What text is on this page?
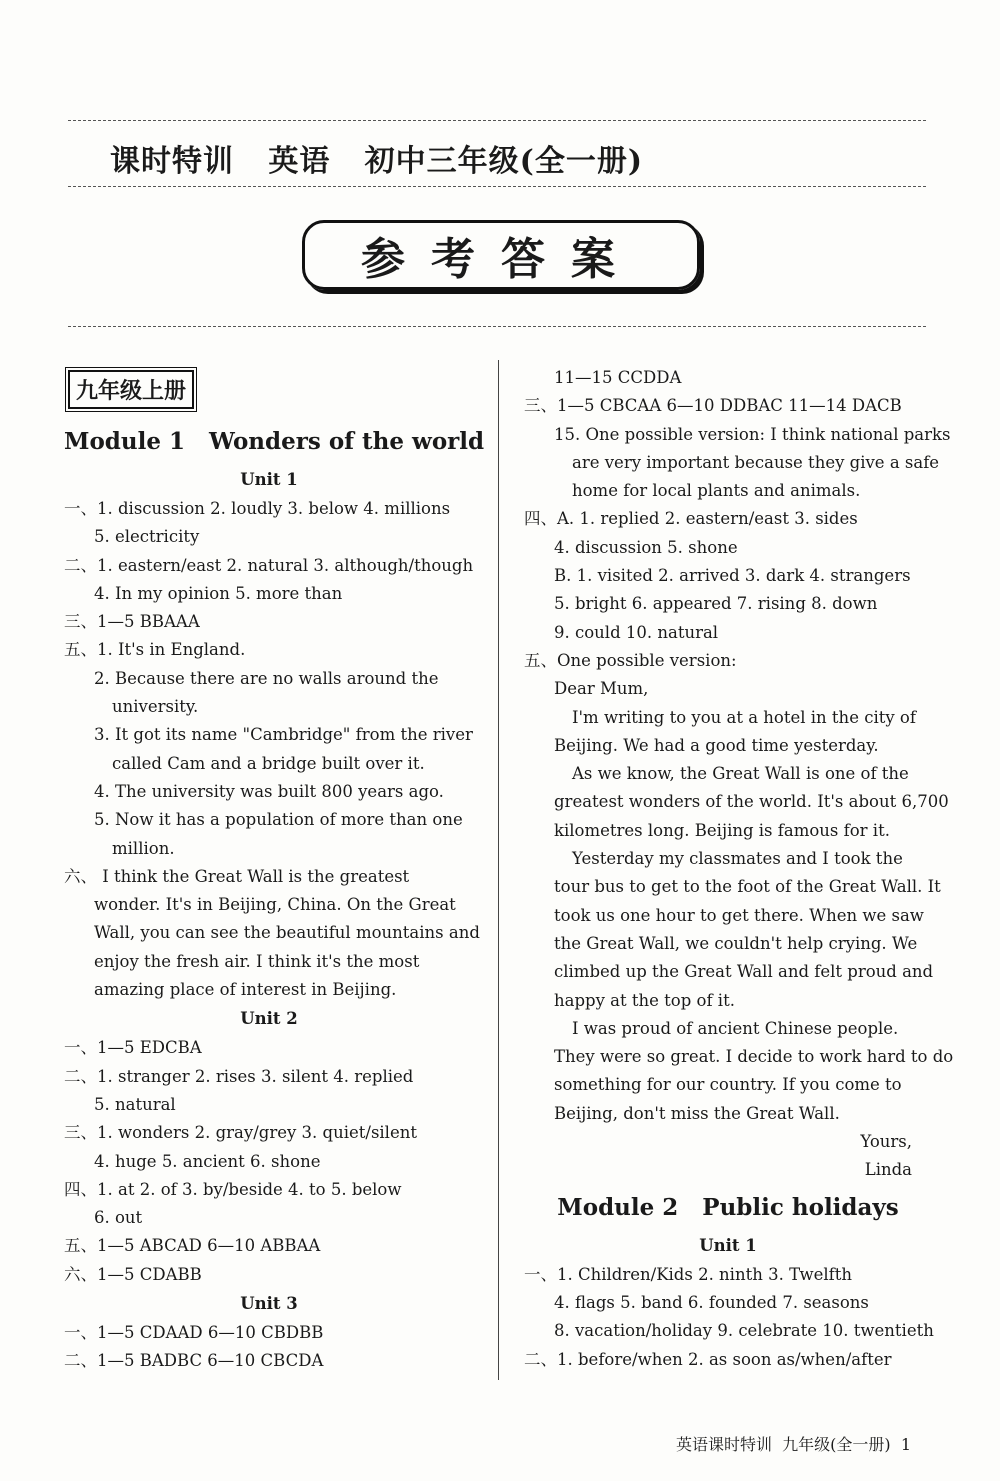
课时特训   英语   初中三年级(全一册)
参考答案
九年级上册
Module 1   Wonders of the world
Unit 1
一、1. discussion 2. loudly 3. below 4. millions
5. electricity
二、1. eastern/east 2. natural 3. although/though
4. In my opinion 5. more than
三、1—5 BBAAA
五、1. It's in England.
2. Because there are no walls around the
university.
3. It got its name "Cambridge" from the river
called Cam and a bridge built over it.
4. The university was built 800 years ago.
5. Now it has a population of more than one
million.
六、 I think the Great Wall is the greatest
wonder. It's in Beijing, China. On the Great
Wall, you can see the beautiful mountains and
enjoy the fresh air. I think it's the most
amazing place of interest in Beijing.
Unit 2
一、1—5 EDCBA
二、1. stranger 2. rises 3. silent 4. replied
5. natural
三、1. wonders 2. gray/grey 3. quiet/silent
4. huge 5. ancient 6. shone
四、1. at 2. of 3. by/beside 4. to 5. below
6. out
五、1—5 ABCAD 6—10 ABBAA
六、1—5 CDABB
Unit 3
一、1—5 CDAAD 6—10 CBDBB
二、1—5 BADBC 6—10 CBCDA
11—15 CCDDA
三、1—5 CBCAA 6—10 DDBAC 11—14 DACB
15. One possible version: I think national parks
are very important because they give a safe
home for local plants and animals.
四、A. 1. replied 2. eastern/east 3. sides
4. discussion 5. shone
B. 1. visited 2. arrived 3. dark 4. strangers
5. bright 6. appeared 7. rising 8. down
9. could 10. natural
五、One possible version:
Dear Mum,
I'm writing to you at a hotel in the city of
Beijing. We had a good time yesterday.
As we know, the Great Wall is one of the
greatest wonders of the world. It's about 6,700
kilometres long. Beijing is famous for it.
Yesterday my classmates and I took the
tour bus to get to the foot of the Great Wall. It
took us one hour to get there. When we saw
the Great Wall, we couldn't help crying. We
climbed up the Great Wall and felt proud and
happy at the top of it.
I was proud of ancient Chinese people.
They were so great. I decide to work hard to do
something for our country. If you come to
Beijing, don't miss the Great Wall.
Yours,
Linda
Module 2   Public holidays
Unit 1
一、1. Children/Kids 2. ninth 3. Twelfth
4. flags 5. band 6. founded 7. seasons
8. vacation/holiday 9. celebrate 10. twentieth
二、1. before/when 2. as soon as/when/after
英语课时特训  九年级(全一册)  1
